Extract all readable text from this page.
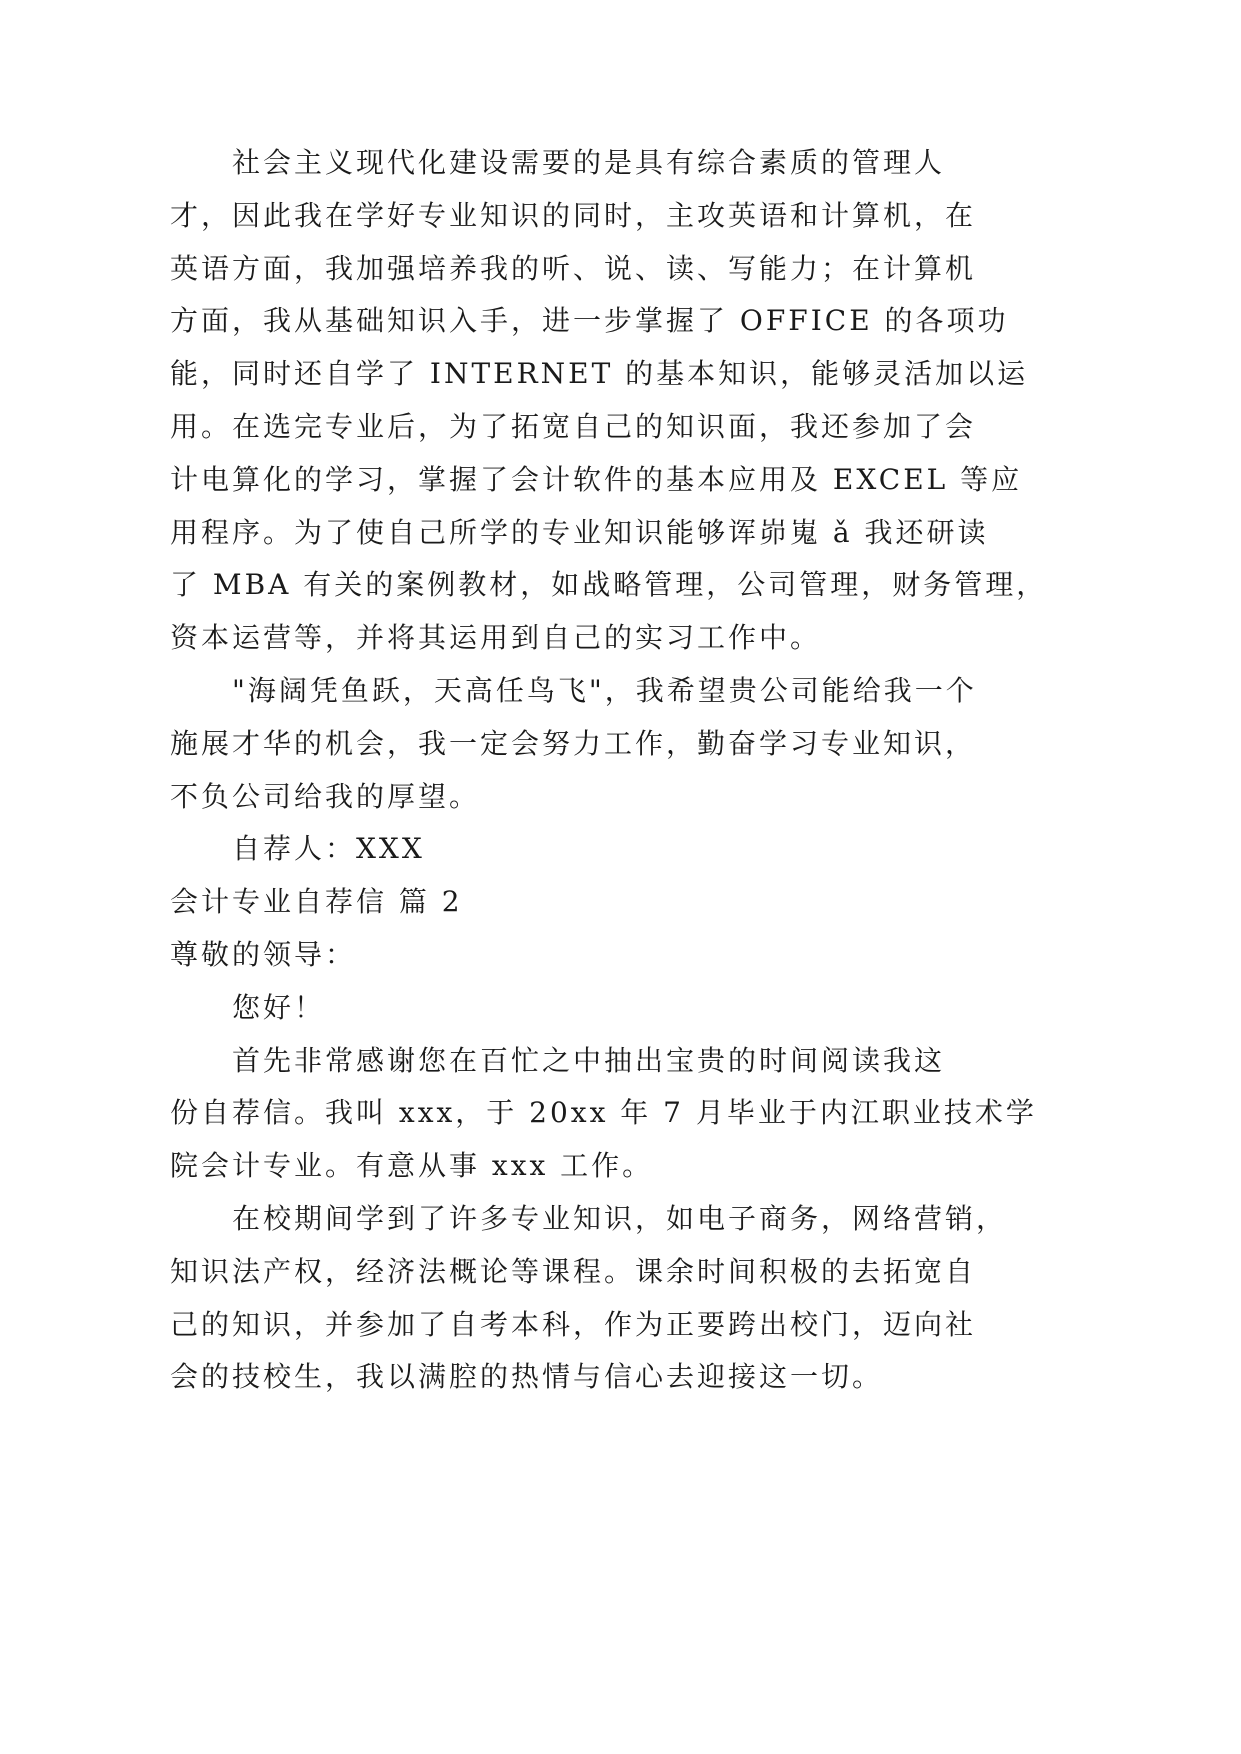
社会主义现代化建设需要的是具有综合素质的管理人
才，因此我在学好专业知识的同时，主攻英语和计算机，在
英语方面，我加强培养我的听、说、读、写能力；在计算机
方面，我从基础知识入手，进一步掌握了 OFFICE 的各项功
能，同时还自学了 INTERNET 的基本知识，能够灵活加以运
用。在选完专业后，为了拓宽自己的知识面，我还参加了会
计电算化的学习，掌握了会计软件的基本应用及 EXCEL 等应
用程序。为了使自己所学的专业知识能够诨峁嵬 ǎ 我还研读
了 MBA 有关的案例教材，如战略管理，公司管理，财务管理，
资本运营等，并将其运用到自己的实习工作中。
"海阔凭鱼跃，天高任鸟飞"，我希望贵公司能给我一个
施展才华的机会，我一定会努力工作，勤奋学习专业知识，
不负公司给我的厚望。
自荐人：XXX
会计专业自荐信 篇 2
尊敬的领导：
您好！
首先非常感谢您在百忙之中抽出宝贵的时间阅读我这
份自荐信。我叫 xxx，于 20xx 年 7 月毕业于内江职业技术学
院会计专业。有意从事 xxx 工作。
在校期间学到了许多专业知识，如电子商务，网络营销，
知识法产权，经济法概论等课程。课余时间积极的去拓宽自
己的知识，并参加了自考本科，作为正要跨出校门，迈向社
会的技校生，我以满腔的热情与信心去迎接这一切。
